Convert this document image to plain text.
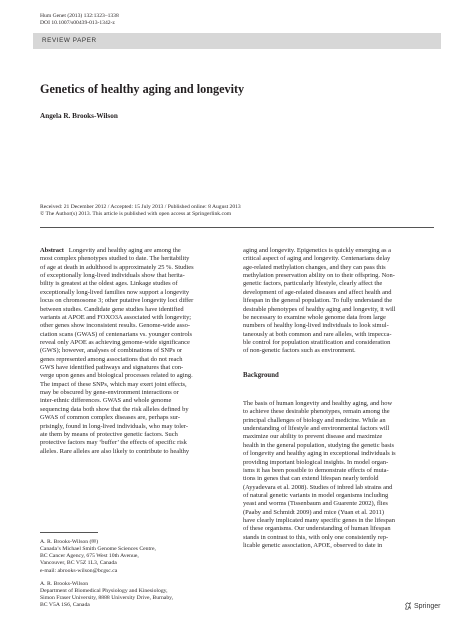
Hum Genet (2013) 132:1323–1338
DOI 10.1007/s00439-013-1342-z
REVIEW PAPER
Genetics of healthy aging and longevity
Angela R. Brooks-Wilson
Received: 21 December 2012 / Accepted: 15 July 2013 / Published online: 8 August 2013
© The Author(s) 2013. This article is published with open access at Springerlink.com
Abstract Longevity and healthy aging are among the
most complex phenotypes studied to date. The heritability
of age at death in adulthood is approximately 25 %. Studies
of exceptionally long-lived individuals show that herita-
bility is greatest at the oldest ages. Linkage studies of
exceptionally long-lived families now support a longevity
locus on chromosome 3; other putative longevity loci differ
between studies. Candidate gene studies have identified
variants at APOE and FOXO3A associated with longevity;
other genes show inconsistent results. Genome-wide asso-
ciation scans (GWAS) of centenarians vs. younger controls
reveal only APOE as achieving genome-wide significance
(GWS); however, analyses of combinations of SNPs or
genes represented among associations that do not reach
GWS have identified pathways and signatures that con-
verge upon genes and biological processes related to aging.
The impact of these SNPs, which may exert joint effects,
may be obscured by gene-environment interactions or
inter-ethnic differences. GWAS and whole genome
sequencing data both show that the risk alleles defined by
GWAS of common complex diseases are, perhaps sur-
prisingly, found in long-lived individuals, who may toler-
ate them by means of protective genetic factors. Such
protective factors may ‘buffer’ the effects of specific risk
alleles. Rare alleles are also likely to contribute to healthy
aging and longevity. Epigenetics is quickly emerging as a
critical aspect of aging and longevity. Centenarians delay
age-related methylation changes, and they can pass this
methylation preservation ability on to their offspring. Non-
genetic factors, particularly lifestyle, clearly affect the
development of age-related diseases and affect health and
lifespan in the general population. To fully understand the
desirable phenotypes of healthy aging and longevity, it will
be necessary to examine whole genome data from large
numbers of healthy long-lived individuals to look simul-
taneously at both common and rare alleles, with impecca-
ble control for population stratification and consideration
of non-genetic factors such as environment.
Background
The basis of human longevity and healthy aging, and how
to achieve these desirable phenotypes, remain among the
principal challenges of biology and medicine. While an
understanding of lifestyle and environmental factors will
maximize our ability to prevent disease and maximize
health in the general population, studying the genetic basis
of longevity and healthy aging in exceptional individuals is
providing important biological insights. In model organ-
isms it has been possible to demonstrate effects of muta-
tions in genes that can extend lifespan nearly tenfold
(Ayyadevara et al. 2008). Studies of inbred lab strains and
of natural genetic variants in model organisms including
yeast and worms (Tissenbaum and Guarente 2002), flies
(Paaby and Schmidt 2009) and mice (Yuan et al. 2011)
have clearly implicated many specific genes in the lifespan
of these organisms. Our understanding of human lifespan
stands in contrast to this, with only one consistently rep-
licable genetic association, APOE, observed to date in
A. R. Brooks-Wilson (✉)
Canada’s Michael Smith Genome Sciences Centre,
BC Cancer Agency, 675 West 10th Avenue,
Vancouver, BC V5Z 1L3, Canada
e-mail: abrooks-wilson@bcgsc.ca
A. R. Brooks-Wilson
Department of Biomedical Physiology and Kinesiology,
Simon Fraser University, 8888 University Drive, Burnaby,
BC V5A 1S6, Canada	Springer
